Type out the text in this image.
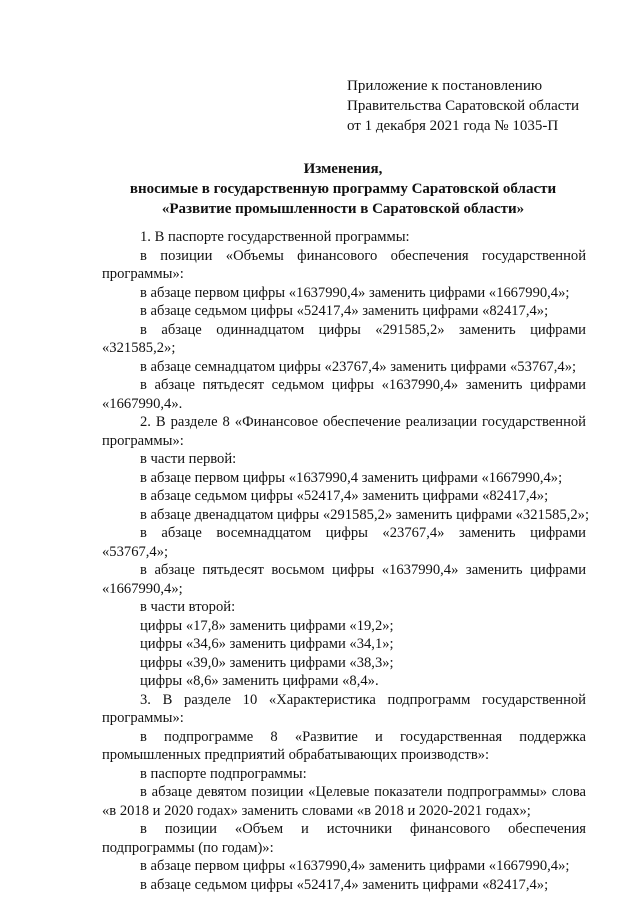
Приложение к постановлению
Правительства Саратовской области
от 1 декабря 2021 года № 1035-П
Изменения,
вносимые в государственную программу Саратовской области
«Развитие промышленности в Саратовской области»

1. В паспорте государственной программы:

в позиции «Объемы финансового обеспечения государственной программы»:

в абзаце первом цифры «1637990,4» заменить цифрами «1667990,4»;

в абзаце седьмом цифры «52417,4» заменить цифрами «82417,4»;

в абзаце одиннадцатом цифры «291585,2» заменить цифрами «321585,2»;

в абзаце семнадцатом цифры «23767,4» заменить цифрами «53767,4»;

в абзаце пятьдесят седьмом цифры «1637990,4» заменить цифрами «1667990,4».

2. В разделе 8 «Финансовое обеспечение реализации государственной программы»:

в части первой:

в абзаце первом цифры «1637990,4 заменить цифрами «1667990,4»;

в абзаце седьмом цифры «52417,4» заменить цифрами «82417,4»;

в абзаце двенадцатом цифры «291585,2» заменить цифрами «321585,2»;

в абзаце восемнадцатом цифры «23767,4» заменить цифрами «53767,4»;

в абзаце пятьдесят восьмом цифры «1637990,4» заменить цифрами «1667990,4»;

в части второй:

цифры «17,8» заменить цифрами «19,2»;

цифры «34,6» заменить цифрами «34,1»;

цифры «39,0» заменить цифрами «38,3»;

цифры «8,6» заменить цифрами «8,4».

3. В разделе 10 «Характеристика подпрограмм государственной программы»:

в подпрограмме 8 «Развитие и государственная поддержка промышленных предприятий обрабатывающих производств»:

в паспорте подпрограммы:

в абзаце девятом позиции «Целевые показатели подпрограммы» слова «в 2018 и 2020 годах» заменить словами «в 2018 и 2020-2021 годах»;

в позиции «Объем и источники финансового обеспечения подпрограммы (по годам)»:

в абзаце первом цифры «1637990,4» заменить цифрами «1667990,4»;

в абзаце седьмом цифры «52417,4» заменить цифрами «82417,4»;
